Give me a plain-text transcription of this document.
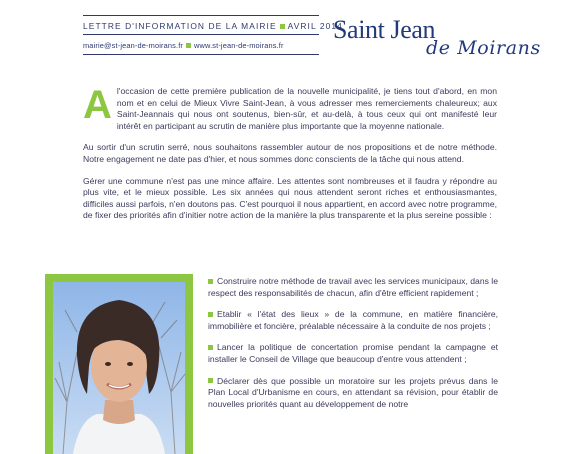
LETTRE D'INFORMATION DE LA MAIRIE AVRIL 2014
mairie@st-jean-de-moirans.fr www.st-jean-de-moirans.fr
Saint Jean
de Moirans

Al'occasion de cette première publication de la nouvelle municipalité, je tiens tout d'abord, en mon nom et en celui de Mieux Vivre Saint-Jean, à vous adresser mes remerciements chaleureux; aux Saint-Jeannais qui nous ont soutenus, bien-sûr, et au-delà, à tous ceux qui ont manifesté leur intérêt en participant au scrutin de manière plus importante que la moyenne nationale.

Au sortir d'un scrutin serré, nous souhaitons rassembler autour de nos propositions et de notre méthode. Notre engagement ne date pas d'hier, et nous sommes donc conscients de la tâche qui nous attend.

Gérer une commune n'est pas une mince affaire. Les attentes sont nombreuses et il faudra y répondre au plus vite, et le mieux possible. Les six années qui nous attendent seront riches et enthousiasmantes, difficiles aussi parfois, n'en doutons pas. C'est pourquoi il nous appartient, en accord avec notre programme, de fixer des priorités afin d'initier notre action de la manière la plus transparente et la plus sereine possible :

Construire notre méthode de travail avec les services municipaux, dans le respect des responsabilités de chacun, afin d'être efficient rapidement ;

Etablir « l'état des lieux » de la commune, en matière financière, immobilière et foncière, préalable nécessaire à la conduite de nos projets ;

Lancer la politique de concertation promise pendant la campagne et installer le Conseil de Village que beaucoup d'entre vous attendent ;

Déclarer dès que possible un moratoire sur les projets prévus dans le Plan Local d'Urbanisme en cours, en attendant sa révision, pour établir de nouvelles priorités quant au développement de notre
